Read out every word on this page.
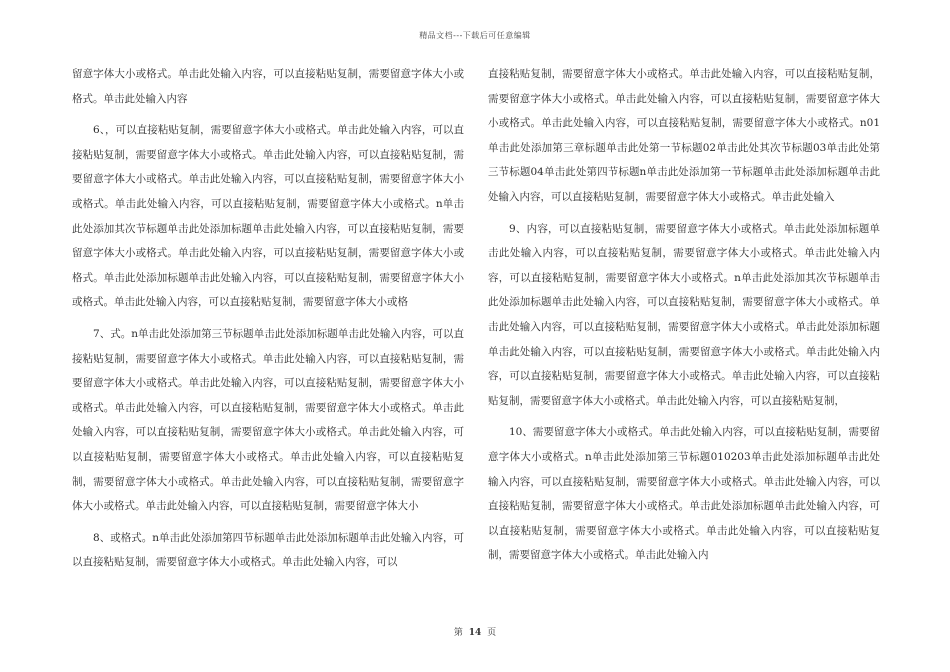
精品文档---下载后可任意编辑

留意字体大小或格式。单击此处输入内容，可以直接粘贴复制，需要留意字体大小或格式。单击此处输入内容

6、，可以直接粘贴复制，需要留意字体大小或格式。单击此处输入内容，可以直接粘贴复制，需要留意字体大小或格式。单击此处输入内容，可以直接粘贴复制，需要留意字体大小或格式。单击此处输入内容，可以直接粘贴复制，需要留意字体大小或格式。单击此处输入内容，可以直接粘贴复制，需要留意字体大小或格式。n单击此处添加其次节标题单击此处添加标题单击此处输入内容，可以直接粘贴复制，需要留意字体大小或格式。单击此处输入内容，可以直接粘贴复制，需要留意字体大小或格式。单击此处添加标题单击此处输入内容，可以直接粘贴复制，需要留意字体大小或格式。单击此处输入内容，可以直接粘贴复制，需要留意字体大小或格

7、式。n单击此处添加第三节标题单击此处添加标题单击此处输入内容，可以直接粘贴复制，需要留意字体大小或格式。单击此处输入内容，可以直接粘贴复制，需要留意字体大小或格式。单击此处输入内容，可以直接粘贴复制，需要留意字体大小或格式。单击此处输入内容，可以直接粘贴复制，需要留意字体大小或格式。单击此处输入内容，可以直接粘贴复制，需要留意字体大小或格式。单击此处输入内容，可以直接粘贴复制，需要留意字体大小或格式。单击此处输入内容，可以直接粘贴复制，需要留意字体大小或格式。单击此处输入内容，可以直接粘贴复制，需要留意字体大小或格式。单击此处输入内容，可以直接粘贴复制，需要留意字体大小

8、或格式。n单击此处添加第四节标题单击此处添加标题单击此处输入内容，可以直接粘贴复制，需要留意字体大小或格式。单击此处输入内容，可以

直接粘贴复制，需要留意字体大小或格式。单击此处输入内容，可以直接粘贴复制，需要留意字体大小或格式。单击此处输入内容，可以直接粘贴复制，需要留意字体大小或格式。单击此处输入内容，可以直接粘贴复制，需要留意字体大小或格式。n01单击此处添加第三章标题单击此处第一节标题02单击此处其次节标题03单击此处第三节标题04单击此处第四节标题n单击此处添加第一节标题单击此处添加标题单击此处输入内容，可以直接粘贴复制，需要留意字体大小或格式。单击此处输入

9、内容，可以直接粘贴复制，需要留意字体大小或格式。单击此处添加标题单击此处输入内容，可以直接粘贴复制，需要留意字体大小或格式。单击此处输入内容，可以直接粘贴复制，需要留意字体大小或格式。n单击此处添加其次节标题单击此处添加标题单击此处输入内容，可以直接粘贴复制，需要留意字体大小或格式。单击此处输入内容，可以直接粘贴复制，需要留意字体大小或格式。单击此处添加标题单击此处输入内容，可以直接粘贴复制，需要留意字体大小或格式。单击此处输入内容，可以直接粘贴复制，需要留意字体大小或格式。单击此处输入内容，可以直接粘贴复制，需要留意字体大小或格式。单击此处输入内容，可以直接粘贴复制，

10、需要留意字体大小或格式。单击此处输入内容，可以直接粘贴复制，需要留意字体大小或格式。n单击此处添加第三节标题010203单击此处添加标题单击此处输入内容，可以直接粘贴复制，需要留意字体大小或格式。单击此处输入内容，可以直接粘贴复制，需要留意字体大小或格式。单击此处添加标题单击此处输入内容，可以直接粘贴复制，需要留意字体大小或格式。单击此处输入内容，可以直接粘贴复制，需要留意字体大小或格式。单击此处输入内

第 14 页
